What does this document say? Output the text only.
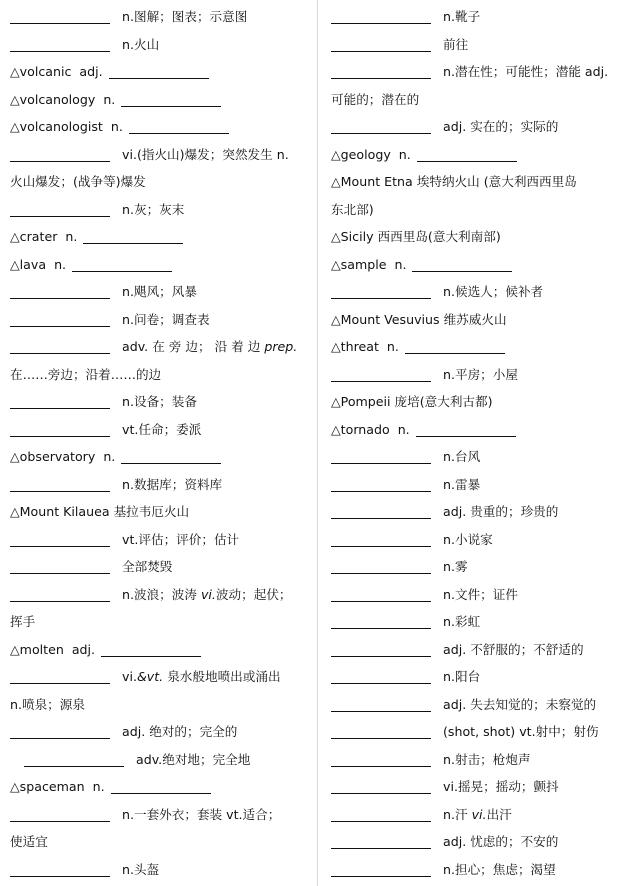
n.图解；图表；示意图
n.火山
△volcanic adj.
△volcanology n.
△volcanologist n.
vi.(指火山)爆发；突然发生 n.
火山爆发；(战争等)爆发
n.灰；灰末
△crater n.
△lava n.
n.飓风；风暴
n.问卷；调查表
adv. 在 旁 边； 沿 着 边 prep.
在……旁边；沿着……的边
n.设备；装备
vt.任命；委派
△observatory n.
n.数据库；资料库
△Mount Kilauea 基拉韦厄火山
vt.评估；评价；估计
全部焚毁
n.波浪；波涛 vi.波动；起伏；
挥手
△molten adj.
vi.&vt. 泉水般地喷出或涌出
n.喷泉；源泉
adj. 绝对的；完全的
adv.绝对地；完全地
△spaceman n.
n.一套外衣；套装 vt.适合；
使适宜
n.头盔
n.靴子
前往
n.潜在性；可能性；潜能 adj.
可能的；潜在的
adj. 实在的；实际的
△geology n.
△Mount Etna 埃特纳火山 (意大利西西里岛
东北部)
△Sicily 西西里岛(意大利南部)
△sample n.
n.候选人；候补者
△Mount Vesuvius 维苏威火山
△threat n.
n.平房；小屋
△Pompeii 庞培(意大利古都)
△tornado n.
n.台风
n.雷暴
adj. 贵重的；珍贵的
n.小说家
n.雾
n.文件；证件
n.彩虹
adj. 不舒服的；不舒适的
n.阳台
adj. 失去知觉的；未察觉的
(shot, shot) vt.射中；射伤
n.射击；枪炮声
vi.摇晃；摇动；颤抖
n.汗 vi.出汗
adj. 忧虑的；不安的
n.担心；焦虑；渴望
